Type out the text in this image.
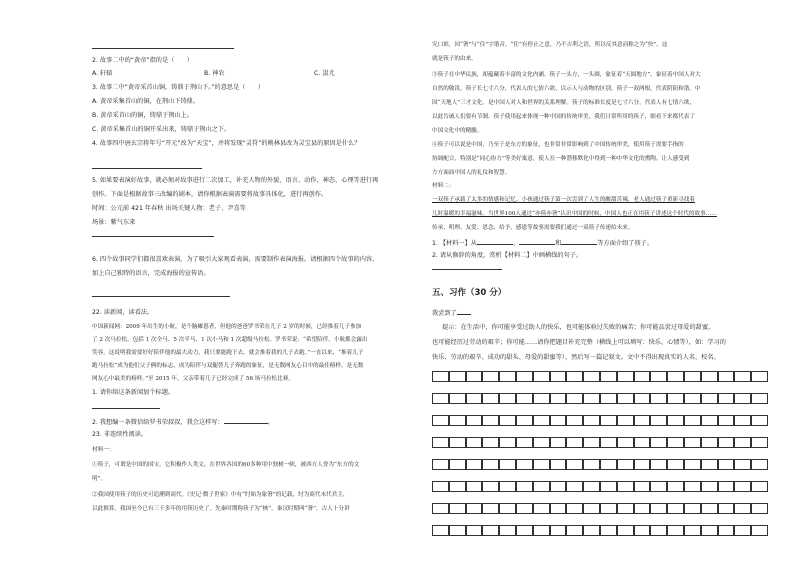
2. 故事二中的“黄帝”指的是（　　）
A. 轩辕	B. 神农	C. 蚩尤
3. 故事二中“黄帝采首山铜，铸鼎于荆山下。”的意思是（　　）
A. 黄帝采集首山的铜，在荆山下铸鼎。
B. 黄帝采首山的铜，铸鼎于荆山上。
C. 黄帝采集首山的铜开采出来，铸鼎于荆山之下。
4. 故事四中唐玄宗将年号“开元”改为“天宝”，并将发现“灵符”的桃林县改为灵宝县的原因是什么？
5. 如果要表演好故事，就必须对故事进行二次加工，补充人物的外貌、语言、动作、神态、心理等进行再
创作。下面是根据故事三改编的剧本，请你根据表演需要将故事具体化，进行再创作。
时间：公元前 421 年春秋 出场关键人物：老子、尹喜等
场景：紫气东来
6. 四个故事同学们都很喜欢表演，为了吸引大家观看表演，需要制作表演海报。请根据四个故事的内容，
加上自己独特的语言，完成海报的宣传语。
22. 读新闻，读看法。
中国新闻网：2009 年出生的小航，是个脑瘫患者，但他的爸爸罗书荣在儿子 2 岁的时候，已经推着儿子参加
了 2 次马拉松，包括 1 次全马、5 次半马、1 次小马和 1 次超级马拉松。罗书荣说：“希望陪伴，小航都会露出
笑容。这说明我需要好好陪伴他的最大动力，我只要能跑下去，就会推着我的儿子去跑。”一直以来，“推着儿子
跑马拉松”成为他们父子俩的标志，成为陪伴与双腿替儿子奔跑的象征，是无数网友心目中的最佳榜样。是无数
网友心中最美的榜样。”至 2015 年，父亲带着儿子已经完成了 56 场马拉松比赛。
1. 请你给这条新闻加个标题。
2. 我想编一条微信给罗书荣叔叔，我会这样写：	。
23. 非连续性阅读。
材料一：
①筷子，可谓是中国的国宝。它积极作人类文，在世界各国的60多种用中独树一帜，被西方人誉为“东方的文
明”。
②我国使用筷子的历史可追溯到商代。《史记·微子世家》中有“纣始为象箸”的记载，纣为商代末代君主，
以此推算，我国至今已有三千多年的用筷历史了。先秦时期称筷子为“梜”，秦汉时期叫“箸”，古人十分讲
究口彩，因“箸”与“住”字谐音，“住”有停止之意，乃不吉利之语，所以反其意而称之为“快”。这
就是筷子的由来。
③筷子在中华民族，却蕴藏着丰富的文化内涵。筷子一头方，一头圆，象征着“天圆地方”，象征着中国人对大
自然的敬畏。筷子长七寸六分，代表人的七情六欲，以示人与动物的区别。筷子一双两根，代表阴阳和谐。中
国“天地人”三才文化。是中国人对人和世界的关系理解。筷子的标准长度是七寸六分，代表人有七情六欲，
以此告诫人们要有节制。筷子使用起来体现一种中国的传统审美，我们日常所用的筷子，细看下来都代表了
中国文化中的精髓。
④筷子可以说是中国，乃至于是东方的象征，也非常非常影响到了中国传统审美，使用筷子需要手指的
协调配合，特别是“同心协力”等美好寓意，使人在一种潜移默化中得到一种中华文化的熏陶。让人感受到
方方面面中国人的礼仪和智慧。
材料二：
一双筷子承载了太多的情感和记忆。小孩通过筷子第一次尝到了人生的酸甜苦辣，老人通过筷子重新寻找着
儿时温暖的幸福滋味。当世界100人通过“亦筷亦箸”认识中国的时候，中国人也正在用筷子讲述这个时代的故事……
传承、明理、友爱、思念、给予、感恩等故事需要我们通过一双筷子传递给未来。
1. 【材料一】从	、	和	等方面介绍了筷子。
2. 请从修辞的角度，赏析【材料二】中画横线的句子。
五、习作（30 分）
我尝到了
提示：在生活中，你可能享受过助人的快乐，也可能体验过失败的痛苦；你可能品尝过母爱的甜蜜，
也可能经历过劳动的艰辛；你可能……请你把题目补充完整（横线上可以填写：快乐、心情等），如：学习的
快乐、劳动的艰辛、成功的甜头、母爱的甜蜜等），然后写一篇记叙文。文中不得出现真实的人名、校名。
